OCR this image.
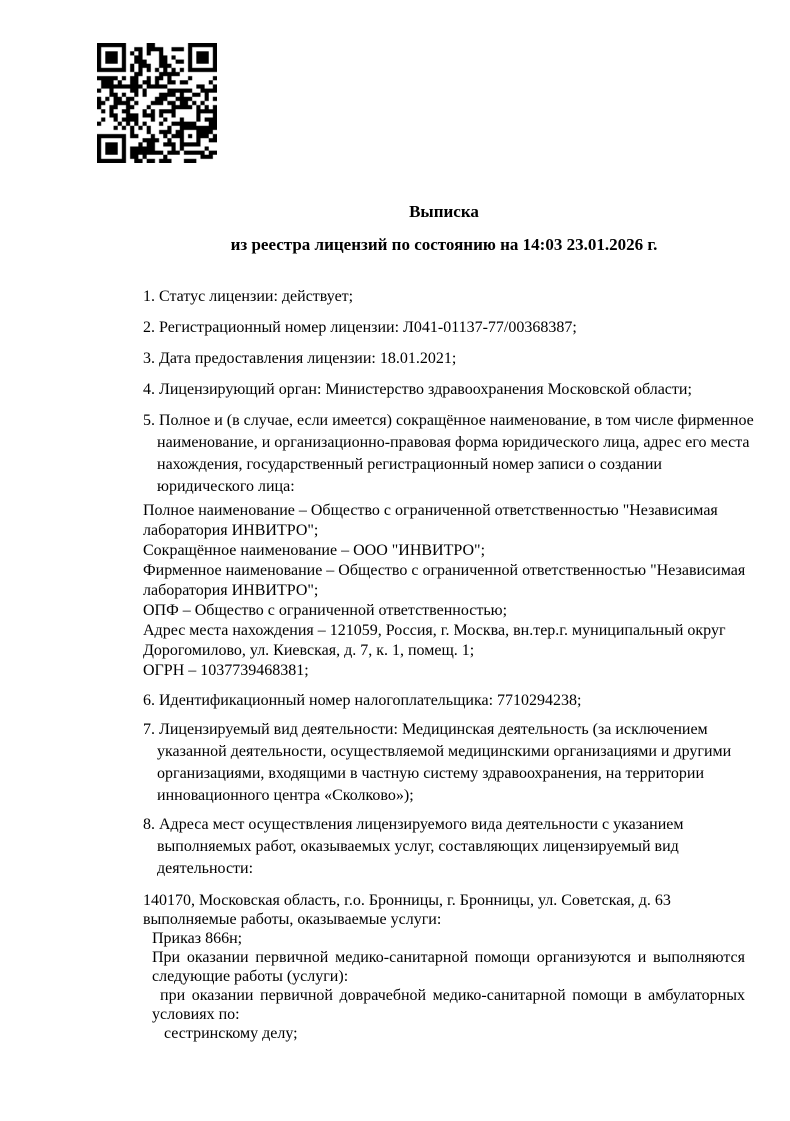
Выписка
из реестра лицензий по состоянию на 14:03 23.01.2026 г.

1. Статус лицензии: действует;

2. Регистрационный номер лицензии: Л041-01137-77/00368387;

3. Дата предоставления лицензии: 18.01.2021;

4. Лицензирующий орган: Министерство здравоохранения Московской области;

5. Полное и (в случае, если имеется) сокращённое наименование, в том числе фирменное
наименование, и организационно-правовая форма юридического лица, адрес его места
нахождения, государственный регистрационный номер записи о создании
юридического лица:
Полное наименование – Общество с ограниченной ответственностью "Независимая
лаборатория ИНВИТРО";
Сокращённое наименование – ООО "ИНВИТРО";
Фирменное наименование – Общество с ограниченной ответственностью "Независимая
лаборатория ИНВИТРО";
ОПФ – Общество с ограниченной ответственностью;
Адрес места нахождения – 121059, Россия, г. Москва, вн.тер.г. муниципальный округ
Дорогомилово, ул. Киевская, д. 7, к. 1, помещ. 1;
ОГРН – 1037739468381;

6. Идентификационный номер налогоплательщика: 7710294238;

7. Лицензируемый вид деятельности: Медицинская деятельность (за исключением
указанной деятельности, осуществляемой медицинскими организациями и другими
организациями, входящими в частную систему здравоохранения, на территории
инновационного центра «Сколково»);
8. Адреса мест осуществления лицензируемого вида деятельности с указанием
выполняемых работ, оказываемых услуг, составляющих лицензируемый вид
деятельности:
140170, Московская область, г.о. Бронницы, г. Бронницы, ул. Советская, д. 63
выполняемые работы, оказываемые услуги:
Приказ 866н;
При оказании первичной медико-санитарной помощи организуются и выполняются
следующие работы (услуги):
при оказании первичной доврачебной медико-санитарной помощи в амбулаторных
условиях по:
сестринскому делу;
